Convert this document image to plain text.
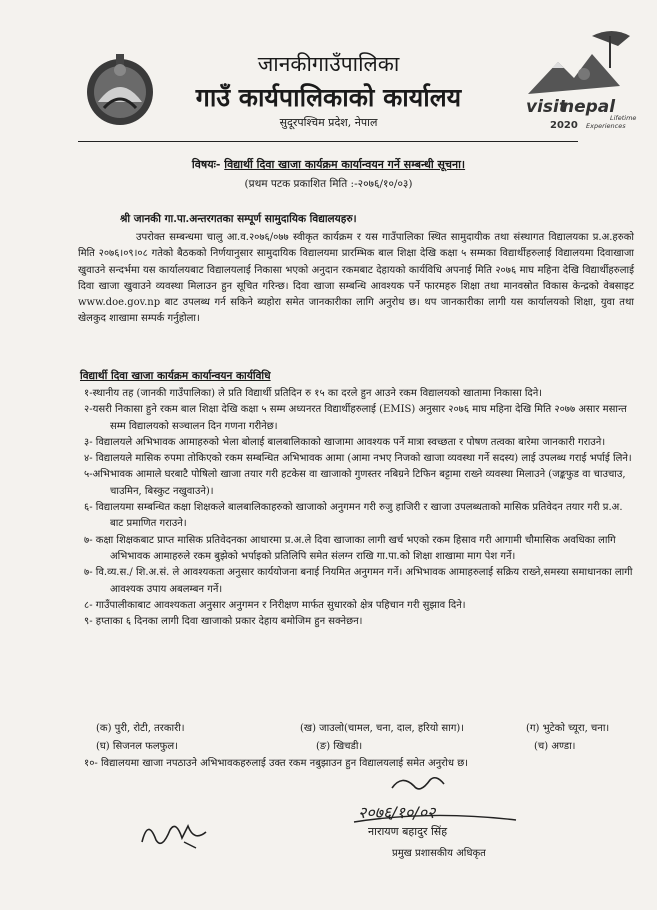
visit
nepal
2020
Lifetime
Experiences
जानकीगाउँपालिका
गाउँ कार्यपालिकाको कार्यालय
सुदूरपश्चिम प्रदेश, नेपाल
विषयः- विद्यार्थी दिवा खाजा कार्यक्रम कार्यान्वयन गर्ने सम्बन्धी सूचना।
(प्रथम पटक प्रकाशित मिति :-२०७६/१०/०३)
श्री जानकी गा.पा.अन्तरगतका सम्पूर्ण सामुदायिक विद्यालयहरु।
उपरोक्त सम्बन्धमा चालु आ.व.२०७६/०७७ स्वीकृत कार्यक्रम र यस गाउँपालिका स्थित सामुदायीक तथा संस्थागत विद्यालयका प्र.अ.हरुको मिति २०७६।०९।०८ गतेको बैठकको निर्णयानुसार सामुदायिक विद्यालयमा प्रारम्भिक बाल शिक्षा देखि कक्षा ५ सम्मका विद्यार्थीहरुलाई विद्यालयमा दिवाखाजा खुवाउने सन्दर्भमा यस कार्यालयबाट विद्यालयलाई निकासा भएको अनुदान रकमबाट देहायको कार्यविधि अपनाई मिति २०७६ माघ महिना देखि विद्यार्थीहरुलाई दिवा खाजा खुवाउने व्यवस्था मिलाउन हुन सूचित गरिन्छ। दिवा खाजा सम्बन्धि आवश्यक पर्ने फारमहरु शिक्षा तथा मानवस्रोत विकास केन्द्रको वेबसाइट www.doe.gov.np बाट उपलब्ध गर्न सकिने ब्यहोरा समेत जानकारीका लागि अनुरोध छ। थप जानकारीका लागी यस कार्यालयको शिक्षा, युवा तथा खेलकुद शाखामा सम्पर्क गर्नुहोला।
विद्यार्थी दिवा खाजा कार्यक्रम कार्यान्वयन कार्यविधि

१-स्थानीय तह (जानकी गाउँपालिका) ले प्रति विद्यार्थी प्रतिदिन रु १५ का दरले हुन आउने रकम विद्यालयको खातामा निकासा दिने।

२-यसरी निकासा हुने रकम बाल शिक्षा देखि कक्षा ५ सम्म अध्यनरत विद्यार्थीहरुलाई (EMIS) अनुसार २०७६ माघ महिना देखि मिति २०७७ असार मसान्त सम्म विद्यालयको सञ्चालन दिन गणना गरीनेछ।

३- विद्यालयले अभिभावक आमाहरुको भेला बोलाई बालबालिकाको खाजामा आवश्यक पर्ने मात्रा स्वच्छता र पोषण तत्वका बारेमा जानकारी गराउने।

४- विद्यालयले मासिक रुपमा तोकिएको रकम सम्बन्धित अभिभावक आमा (आमा नभए निजको खाजा व्यवस्था गर्ने सदस्य) लाई उपलब्ध गराई भर्पाई लिने।

५-अभिभावक आमाले घरबाटै पोषिलो खाजा तयार गरी हटकेस वा खाजाको गुणस्तर नबिग्रने टिफिन बट्टामा राख्ने व्यवस्था मिलाउने (जङ्कफुड वा चाउचाउ, चाउमिन, बिस्कुट नखुवाउने)।

६- विद्यालयमा सम्बन्धित कक्षा शिक्षकले बालबालिकाहरुको खाजाको अनुगमन गरी रुजु हाजिरी र खाजा उपलब्धताको मासिक प्रतिवेदन तयार गरी प्र.अ. बाट प्रमाणित गराउने।

७- कक्षा शिक्षकबाट प्राप्त मासिक प्रतिवेदनका आधारमा प्र.अ.ले दिवा खाजाका लागी खर्च भएको रकम हिसाव गरी आगामी चौमासिक अवधिका लागि अभिभावक आमाहरुले रकम बुझेको भर्पाइको प्रतिलिपि समेत संलग्न राखि गा.पा.को शिक्षा शाखामा माग पेश गर्ने।

७- वि.व्य.स./ शि.अ.सं. ले आवश्यकता अनुसार कार्ययोजना बनाई नियमित अनुगमन गर्ने। अभिभावक आमाहरुलाई सक्रिय राख्ने,समस्या समाधानका लागी आवश्यक उपाय अबलम्बन गर्ने।

८- गाउँपालीकाबाट आवश्यकता अनुसार अनुगमन र निरीक्षण मार्फत सुधारको क्षेत्र पहिचान गरी सुझाव दिने।

९- हप्ताका ६ दिनका लागी दिवा खाजाको प्रकार देहाय बमोजिम हुन सक्नेछन।

(क) पुरी, रोटी, तरकारी।	(ख) जाउलो(चामल, चना, दाल, हरियो साग)।	(ग) भुटेको च्यूरा, चना।
(घ) सिजनल फलफुल।	(ङ) खिचडी।	(च) अण्डा।
१०- विद्यालयमा खाजा नपठाउने अभिभावकहरुलाई उक्त रकम नबुझाउन हुन विद्यालयलाई समेत अनुरोध छ।
२०७६/१०/०२
नारायण बहादुर सिंह
प्रमुख प्रशासकीय अधिकृत
